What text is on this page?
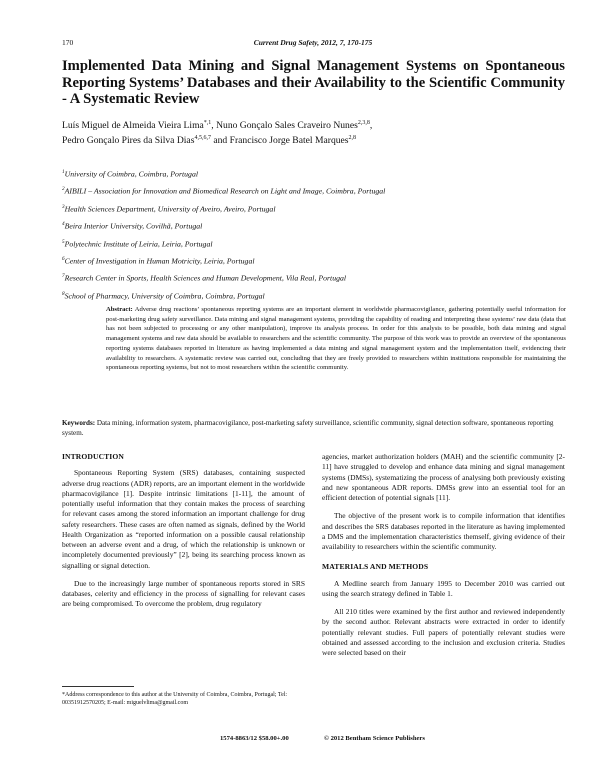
170	Current Drug Safety, 2012, 7, 170-175
Implemented Data Mining and Signal Management Systems on Spontaneous Reporting Systems’ Databases and their Availability to the Scientific Community - A Systematic Review

Luís Miguel de Almeida Vieira Lima$^{*,1}$, Nuno Gonçalo Sales Craveiro Nunes$^{2,3,8}$,
Pedro Gonçalo Pires da Silva Dias$^{4,5,6,7}$ and Francisco Jorge Batel Marques$^{2,8}$

$^1$University of Coimbra, Coimbra, Portugal
$^2$AIBILI – Association for Innovation and Biomedical Research on Light and Image, Coimbra, Portugal
$^3$Health Sciences Department, University of Aveiro, Aveiro, Portugal
$^4$Beira Interior University, Covilhã, Portugal
$^5$Polytechnic Institute of Leiria, Leiria, Portugal
$^6$Center of Investigation in Human Motricity, Leiria, Portugal
$^7$Research Center in Sports, Health Sciences and Human Development, Vila Real, Portugal
$^8$School of Pharmacy, University of Coimbra, Coimbra, Portugal

Abstract: Adverse drug reactions’ spontaneous reporting systems are an important element in worldwide pharmacovigilance, gathering potentially useful information for post-marketing drug safety surveillance. Data mining and signal management systems, providing the capability of reading and interpreting these systems’ raw data (data that has not been subjected to processing or any other manipulation), improve its analysis process. In order for this analysis to be possible, both data mining and signal management systems and raw data should be available to researchers and the scientific community. The purpose of this work was to provide an overview of the spontaneous reporting systems databases reported in literature as having implemented a data mining and signal management system and the implementation itself, evidencing their availability to researchers. A systematic review was carried out, concluding that they are freely provided to researchers within institutions responsible for maintaining the spontaneous reporting systems, but not to most researchers within the scientific community.

Keywords: Data mining, information system, pharmacovigilance, post-marketing safety surveillance, scientific community, signal detection software, spontaneous reporting system.

INTRODUCTION

Spontaneous Reporting System (SRS) databases, containing suspected adverse drug reactions (ADR) reports, are an important element in the worldwide pharmacovigilance [1]. Despite intrinsic limitations [1-11], the amount of potentially useful information that they contain makes the process of searching for relevant cases among the stored information an important challenge for drug safety researchers. These cases are often named as signals, defined by the World Health Organization as “reported information on a possible causal relationship between an adverse event and a drug, of which the relationship is unknown or incompletely documented previously” [2], being its searching process known as signalling or signal detection.

Due to the increasingly large number of spontaneous reports stored in SRS databases, celerity and efficiency in the process of signalling for relevant cases are being compromised. To overcome the problem, drug regulatory

agencies, market authorization holders (MAH) and the scientific community [2-11] have struggled to develop and enhance data mining and signal management systems (DMSs), systematizing the process of analysing both previously existing and new spontaneous ADR reports. DMSs grew into an essential tool for an efficient detection of potential signals [11].

The objective of the present work is to compile information that identifies and describes the SRS databases reported in the literature as having implemented a DMS and the implementation characteristics themself, giving evidence of their availability to researchers within the scientific community.

MATERIALS AND METHODS

A Medline search from January 1995 to December 2010 was carried out using the search strategy defined in Table 1.

All 210 titles were examined by the first author and reviewed independently by the second author. Relevant abstracts were extracted in order to identify potentially relevant studies. Full papers of potentially relevant studies were obtained and assessed according to the inclusion and exclusion criteria. Studies were selected based on their

*Address correspondence to this author at the University of Coimbra, Coimbra, Portugal; Tel: 00351912570205; E-mail: miguelvlima@gmail.com
1574-8863/12 $58.00+.00	© 2012 Bentham Science Publishers
